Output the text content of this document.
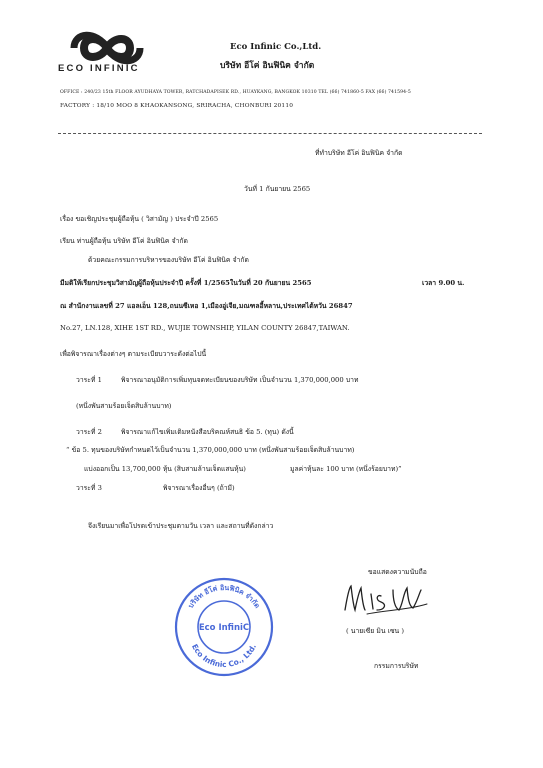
ECO INFINIC
Eco Infinic Co.,Ltd.
บริษัท อีโค่ อินฟินิค จำกัด
OFFICE : 240/23 15th FLOOR AYUDHAYA TOWER, RATCHADAPISEK RD., HUAYKANG, BANGKOK 10310 TEL (66) 741860-5 FAX (66) 741594-5
FACTORY : 18/10 MOO 8 KHAOKANSONG, SRIRACHA, CHONBURI 20110
ที่ทำบริษัท อีโค่ อินฟินิค จำกัด
วันที่ 1 กันยายน 2565
เรื่อง ขอเชิญประชุมผู้ถือหุ้น ( วิสามัญ ) ประจำปี 2565
เรียน ท่านผู้ถือหุ้น บริษัท อีโค่ อินฟินิค จำกัด
ด้วยคณะกรรมการบริหารของบริษัท อีโค่ อินฟินิค จำกัด
มีมติให้เรียกประชุมวิสามัญผู้ถือหุ้นประจำปี ครั้งที่ 1/2565ในวันที่ 20 กันยายน 2565	เวลา 9.00 น.
ณ สำนักงานเลขที่ 27 แอลเอ็น 128,ถนนซีเหอ 1,เมืองอู่เจีย,มณฑลอี้หลาน,ประเทศไต้หวัน 26847
No.27, LN.128, XIHE 1ST RD., WUJIE TOWNSHIP, YILAN COUNTY 26847,TAIWAN.
เพื่อพิจารณาเรื่องต่างๆ ตามระเบียบวาระดังต่อไปนี้
วาระที่ 1	พิจารณาอนุมัติการเพิ่มทุนจดทะเบียนของบริษัท เป็นจำนวน 1,370,000,000 บาท
(หนึ่งพันสามร้อยเจ็ดสิบล้านบาท)
วาระที่ 2	พิจารณาแก้ไขเพิ่มเติมหนังสือบริคณห์สนธิ ข้อ 5. (ทุน) ดังนี้
“ ข้อ 5. ทุนของบริษัทกำหนดไว้เป็นจำนวน 1,370,000,000 บาท (หนึ่งพันสามร้อยเจ็ดสิบล้านบาท)
แบ่งออกเป็น 13,700,000 หุ้น (สิบสามล้านเจ็ดแสนหุ้น)	มูลค่าหุ้นละ 100 บาท (หนึ่งร้อยบาท)”
วาระที่ 3	พิจารณาเรื่องอื่นๆ (ถ้ามี)
จึงเรียนมาเพื่อโปรดเข้าประชุมตามวัน เวลา และสถานที่ดังกล่าว
ขอแสดงความนับถือ
( นายเซีย มิน เซน )
กรรมการบริษัท
บริษัท อีโค่ อินฟินิค จำกัด
Eco Infinic Co., Ltd.
Eco InfiniC
